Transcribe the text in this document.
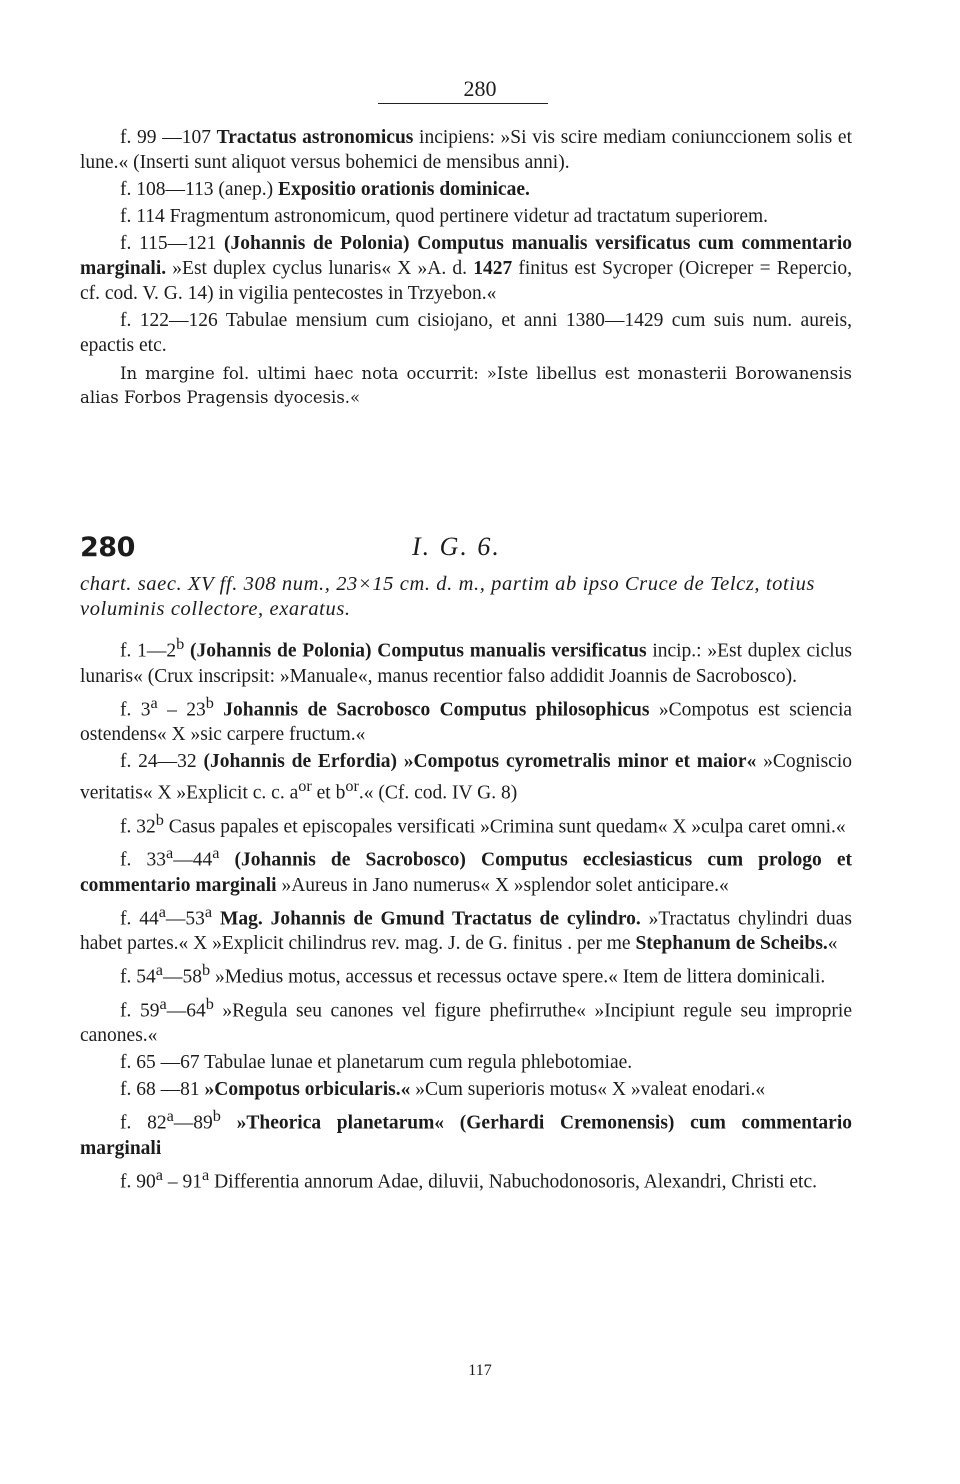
280

f. 99 —107 Tractatus astronomicus incipiens: »Si vis scire mediam coniunccionem solis et lune.« (Inserti sunt aliquot versus bohemici de mensibus anni).

f. 108—113 (anep.) Expositio orationis dominicae.

f. 114 Fragmentum astronomicum, quod pertinere videtur ad tractatum superiorem.

f. 115—121 (Johannis de Polonia) Computus manualis versificatus cum commentario marginali. »Est duplex cyclus lunaris« X »A. d. 1427 finitus est Sycroper (Oicreper = Repercio, cf. cod. V. G. 14) in vigilia pentecostes in Trzyebon.«

f. 122—126 Tabulae mensium cum cisiojano, et anni 1380—1429 cum suis num. aureis, epactis etc.

In margine fol. ultimi haec nota occurrit: »Iste libellus est monasterii Borowanensis alias Forbos Pragensis dyocesis.«

280	I. G. 6.

chart. saec. XV ff. 308 num., 23×15 cm. d. m., partim ab ipso Cruce de Telcz, totius voluminis collectore, exaratus.

f. 1—2$^b$ (Johannis de Polonia) Computus manualis versificatus incip.: »Est duplex ciclus lunaris« (Crux inscripsit: »Manuale«, manus recentior falso addidit Joannis de Sacrobosco).

f. 3$^a$ – 23$^b$ Johannis de Sacrobosco Computus philosophicus »Compotus est sciencia ostendens« X »sic carpere fructum.«

f. 24—32 (Johannis de Erfordia) »Compotus cyrometralis minor et maior« »Cogniscio veritatis« X »Explicit c. c. $a^{or}$ et $b^{or}.«$ (Cf. cod. IV G. 8)

f. 32$^b$ Casus papales et episcopales versificati »Crimina sunt quedam« X »culpa caret omni.«

f. 33$^a$—44$^a$ (Johannis de Sacrobosco) Computus ecclesiasticus cum prologo et commentario marginali »Aureus in Jano numerus« X »splendor solet anticipare.«

f. 44$^a$—53$^a$ Mag. Johannis de Gmund Tractatus de cylindro. »Tractatus chylindri duas habet partes.« X »Explicit chilindrus rev. mag. J. de G. finitus . per me Stephanum de Scheibs.«

f. 54$^a$—58$^b$ »Medius motus, accessus et recessus octave spere.« Item de littera dominicali.

f. 59$^a$—64$^b$ »Regula seu canones vel figure phefirruthe« »Incipiunt regule seu improprie canones.«

f. 65 —67 Tabulae lunae et planetarum cum regula phlebotomiae.

f. 68 —81 »Compotus orbicularis.« »Cum superioris motus« X »valeat enodari.«

f. 82$^a$—89$^b$ »Theorica planetarum« (Gerhardi Cremonensis) cum commentario marginali

f. 90$^a$ – 91$^a$ Differentia annorum Adae, diluvii, Nabuchodonosoris, Alexandri, Christi etc.

117
